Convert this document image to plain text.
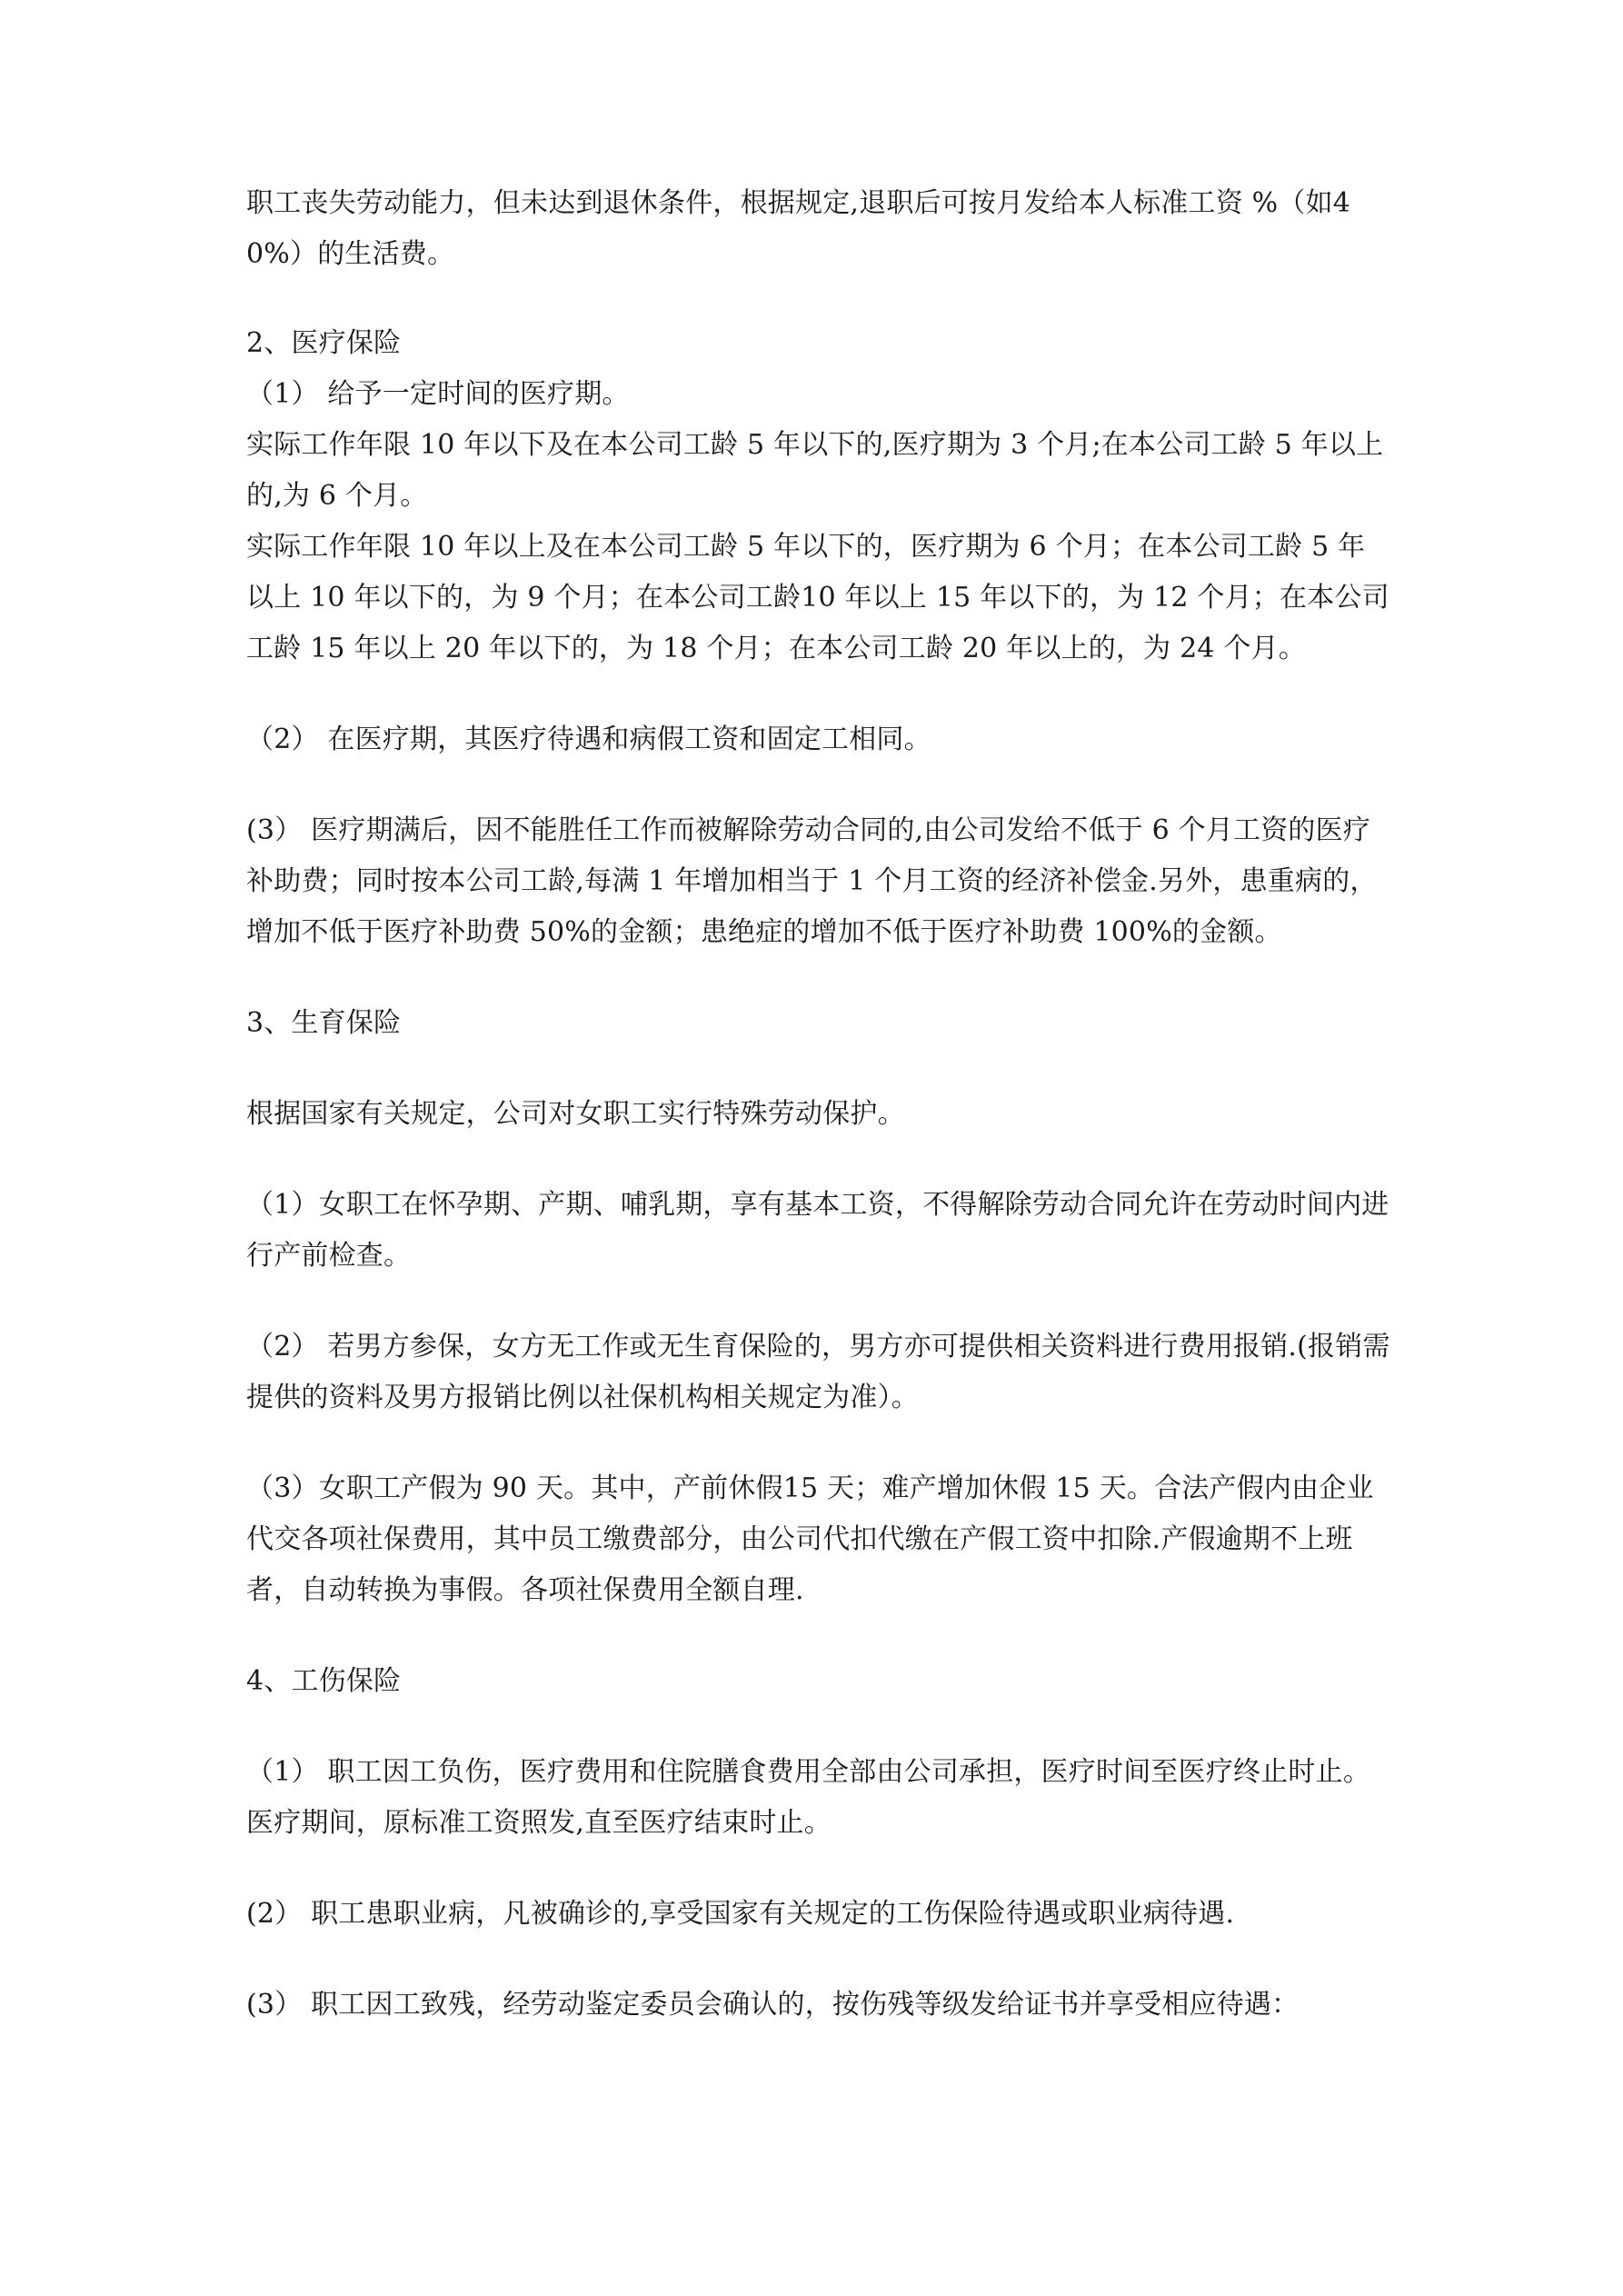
职工丧失劳动能力，但未达到退休条件，根据规定,退职后可按月发给本人标准工资 %（如40%）的生活费。

2、医疗保险

（1） 给予一定时间的医疗期。

实际工作年限 10 年以下及在本公司工龄 5 年以下的,医疗期为 3 个月;在本公司工龄 5 年以上的,为 6 个月。

实际工作年限 10 年以上及在本公司工龄 5 年以下的，医疗期为 6 个月；在本公司工龄 5 年以上 10 年以下的，为 9 个月；在本公司工龄10 年以上 15 年以下的，为 12 个月；在本公司工龄 15 年以上 20 年以下的，为 18 个月；在本公司工龄 20 年以上的，为 24 个月。

（2） 在医疗期，其医疗待遇和病假工资和固定工相同。

(3） 医疗期满后，因不能胜任工作而被解除劳动合同的,由公司发给不低于 6 个月工资的医疗补助费；同时按本公司工龄,每满 1 年增加相当于 1 个月工资的经济补偿金.另外，患重病的，增加不低于医疗补助费 50%的金额；患绝症的增加不低于医疗补助费 100%的金额。

3、生育保险

根据国家有关规定，公司对女职工实行特殊劳动保护。

（1）女职工在怀孕期、产期、哺乳期，享有基本工资，不得解除劳动合同允许在劳动时间内进行产前检查。

（2） 若男方参保，女方无工作或无生育保险的，男方亦可提供相关资料进行费用报销.(报销需提供的资料及男方报销比例以社保机构相关规定为准）。

（3）女职工产假为 90 天。其中，产前休假15 天；难产增加休假 15 天。合法产假内由企业代交各项社保费用，其中员工缴费部分，由公司代扣代缴在产假工资中扣除.产假逾期不上班者，自动转换为事假。各项社保费用全额自理.

4、工伤保险

（1） 职工因工负伤，医疗费用和住院膳食费用全部由公司承担，医疗时间至医疗终止时止。医疗期间，原标准工资照发,直至医疗结束时止。

(2） 职工患职业病，凡被确诊的,享受国家有关规定的工伤保险待遇或职业病待遇.

(3） 职工因工致残，经劳动鉴定委员会确认的，按伤残等级发给证书并享受相应待遇：
